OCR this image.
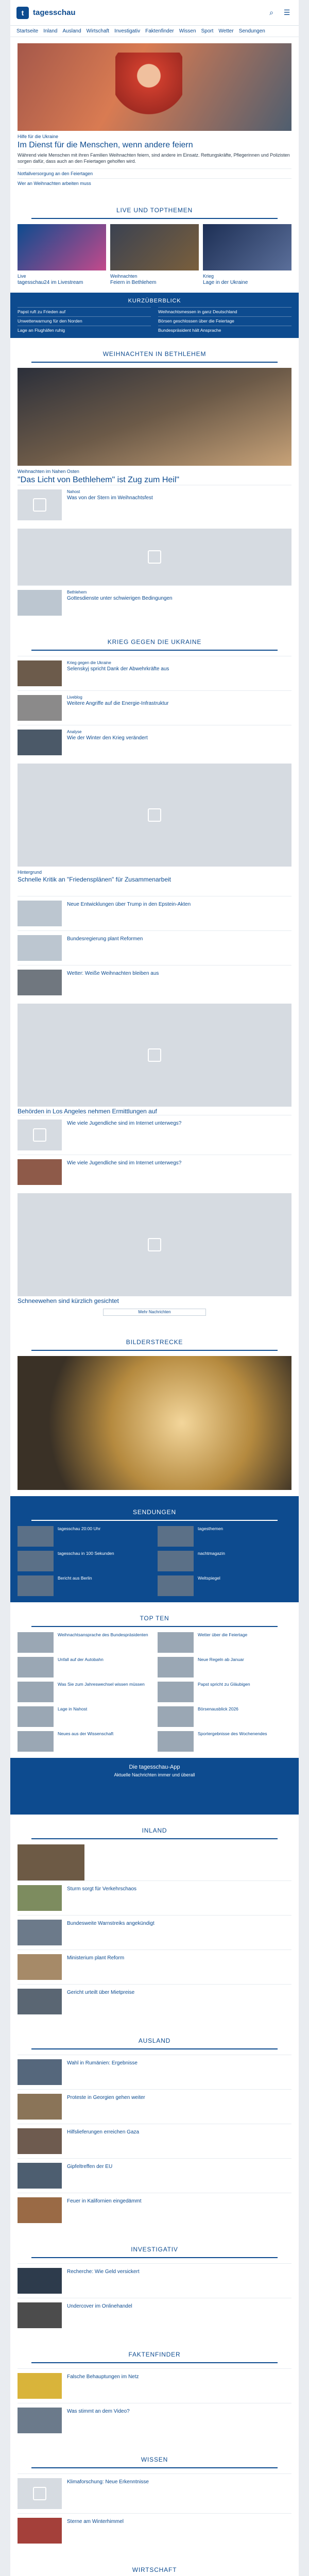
t	tagesschau	⌕	☰
Startseite Inland Ausland Wirtschaft Investigativ Faktenfinder Wissen Sport Wetter Sendungen
Hilfe für die Ukraine
Im Dienst für die Menschen, wenn andere feiern

Während viele Menschen mit ihren Familien Weihnachten feiern, sind andere im Einsatz. Rettungskräfte, Pflegerinnen und Polizisten sorgen dafür, dass auch an den Feiertagen geholfen wird.

Notfallversorgung an den Feiertagen
Wer an Weihnachten arbeiten muss
LIVE UND TOPTHEMEN
Live
tagesschau24 im Livestream
Weihnachten
Feiern in Bethlehem
Krieg
Lage in der Ukraine
KURZÜBERBLICK
Papst ruft zu Frieden auf	Weihnachtsmessen in ganz Deutschland
Unwetterwarnung für den Norden	Börsen geschlossen über die Feiertage
Lage an Flughäfen ruhig	Bundespräsident hält Ansprache
WEIHNACHTEN IN BETHLEHEM
Weihnachten im Nahen Osten
"Das Licht von Bethlehem" ist Zug zum Heil"
Nahost
Was von der Stern im Weihnachtsfest
Bethlehem
Gottesdienste unter schwierigen Bedingungen
KRIEG GEGEN DIE UKRAINE
Krieg gegen die Ukraine
Selenskyj spricht Dank der Abwehrkräfte aus
Liveblog
Weitere Angriffe auf die Energie-Infrastruktur
Analyse
Wie der Winter den Krieg verändert
Hintergrund
Schnelle Kritik an "Friedensplänen" für Zusammenarbeit
Neue Entwicklungen über Trump in den Epstein-Akten
Bundesregierung plant Reformen
Wetter: Weiße Weihnachten bleiben aus
Behörden in Los Angeles nehmen Ermittlungen auf
Wie viele Jugendliche sind im Internet unterwegs?
Wie viele Jugendliche sind im Internet unterwegs?
Schneewehen sind kürzlich gesichtet
Mehr Nachrichten
BILDERSTRECKE
SENDUNGEN
tagesschau 20:00 Uhr	tagesthemen
tagesschau in 100 Sekunden	nachtmagazin
Bericht aus Berlin	Weltspiegel
TOP TEN
Weihnachtsansprache des Bundespräsidenten	Wetter über die Feiertage
Unfall auf der Autobahn	Neue Regeln ab Januar
Was Sie zum Jahreswechsel wissen müssen	Papst spricht zu Gläubigen
Lage in Nahost	Börsenausblick 2026
Neues aus der Wissenschaft	Sportergebnisse des Wochenendes
Die tagesschau-App
Aktuelle Nachrichten immer und überall
INLAND
Sturm sorgt für Verkehrschaos
Bundesweite Warnstreiks angekündigt
Ministerium plant Reform
Gericht urteilt über Mietpreise
AUSLAND
Wahl in Rumänien: Ergebnisse
Proteste in Georgien gehen weiter
Hilfslieferungen erreichen Gaza
Gipfeltreffen der EU
Feuer in Kalifornien eingedämmt
INVESTIGATIV
Recherche: Wie Geld versickert
Undercover im Onlinehandel
FAKTENFINDER
Falsche Behauptungen im Netz
Was stimmt an dem Video?
WISSEN
Klimaforschung: Neue Erkenntnisse
Sterne am Winterhimmel
WIRTSCHAFT
